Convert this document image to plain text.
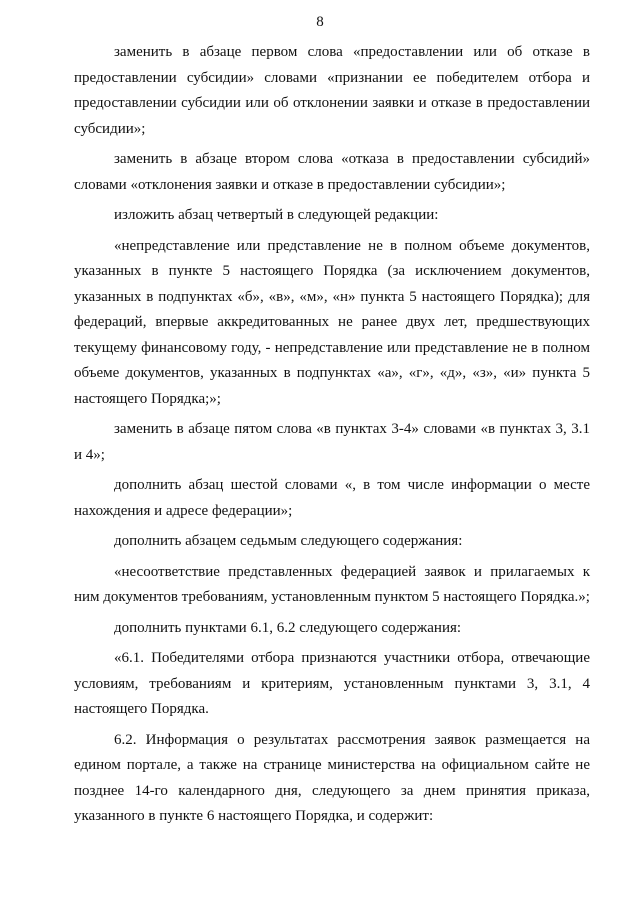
8

заменить в абзаце первом слова «предоставлении или об отказе в предоставлении субсидии» словами «признании ее победителем отбора и предоставлении субсидии или об отклонении заявки и отказе в предоставлении субсидии»;

заменить в абзаце втором слова «отказа в предоставлении субсидий» словами «отклонения заявки и отказе в предоставлении субсидии»;

изложить абзац четвертый в следующей редакции:

«непредставление или представление не в полном объеме документов, указанных в пункте 5 настоящего Порядка (за исключением документов, указанных в подпунктах «б», «в», «м», «н» пункта 5 настоящего Порядка); для федераций, впервые аккредитованных не ранее двух лет, предшествующих текущему финансовому году, - непредставление или представление не в полном объеме документов, указанных в подпунктах «а», «г», «д», «з», «и» пункта 5 настоящего Порядка;»;

заменить в абзаце пятом слова «в пунктах 3-4» словами «в пунктах 3, 3.1 и 4»;

дополнить абзац шестой словами «, в том числе информации о месте нахождения и адресе федерации»;

дополнить абзацем седьмым следующего содержания:

«несоответствие представленных федерацией заявок и прилагаемых к ним документов требованиям, установленным пунктом 5 настоящего Порядка.»;

дополнить пунктами 6.1, 6.2 следующего содержания:

«6.1. Победителями отбора признаются участники отбора, отвечающие условиям, требованиям и критериям, установленным пунктами 3, 3.1, 4 настоящего Порядка.

6.2. Информация о результатах рассмотрения заявок размещается на едином портале, а также на странице министерства на официальном сайте не позднее 14-го календарного дня, следующего за днем принятия приказа, указанного в пункте 6 настоящего Порядка, и содержит:
